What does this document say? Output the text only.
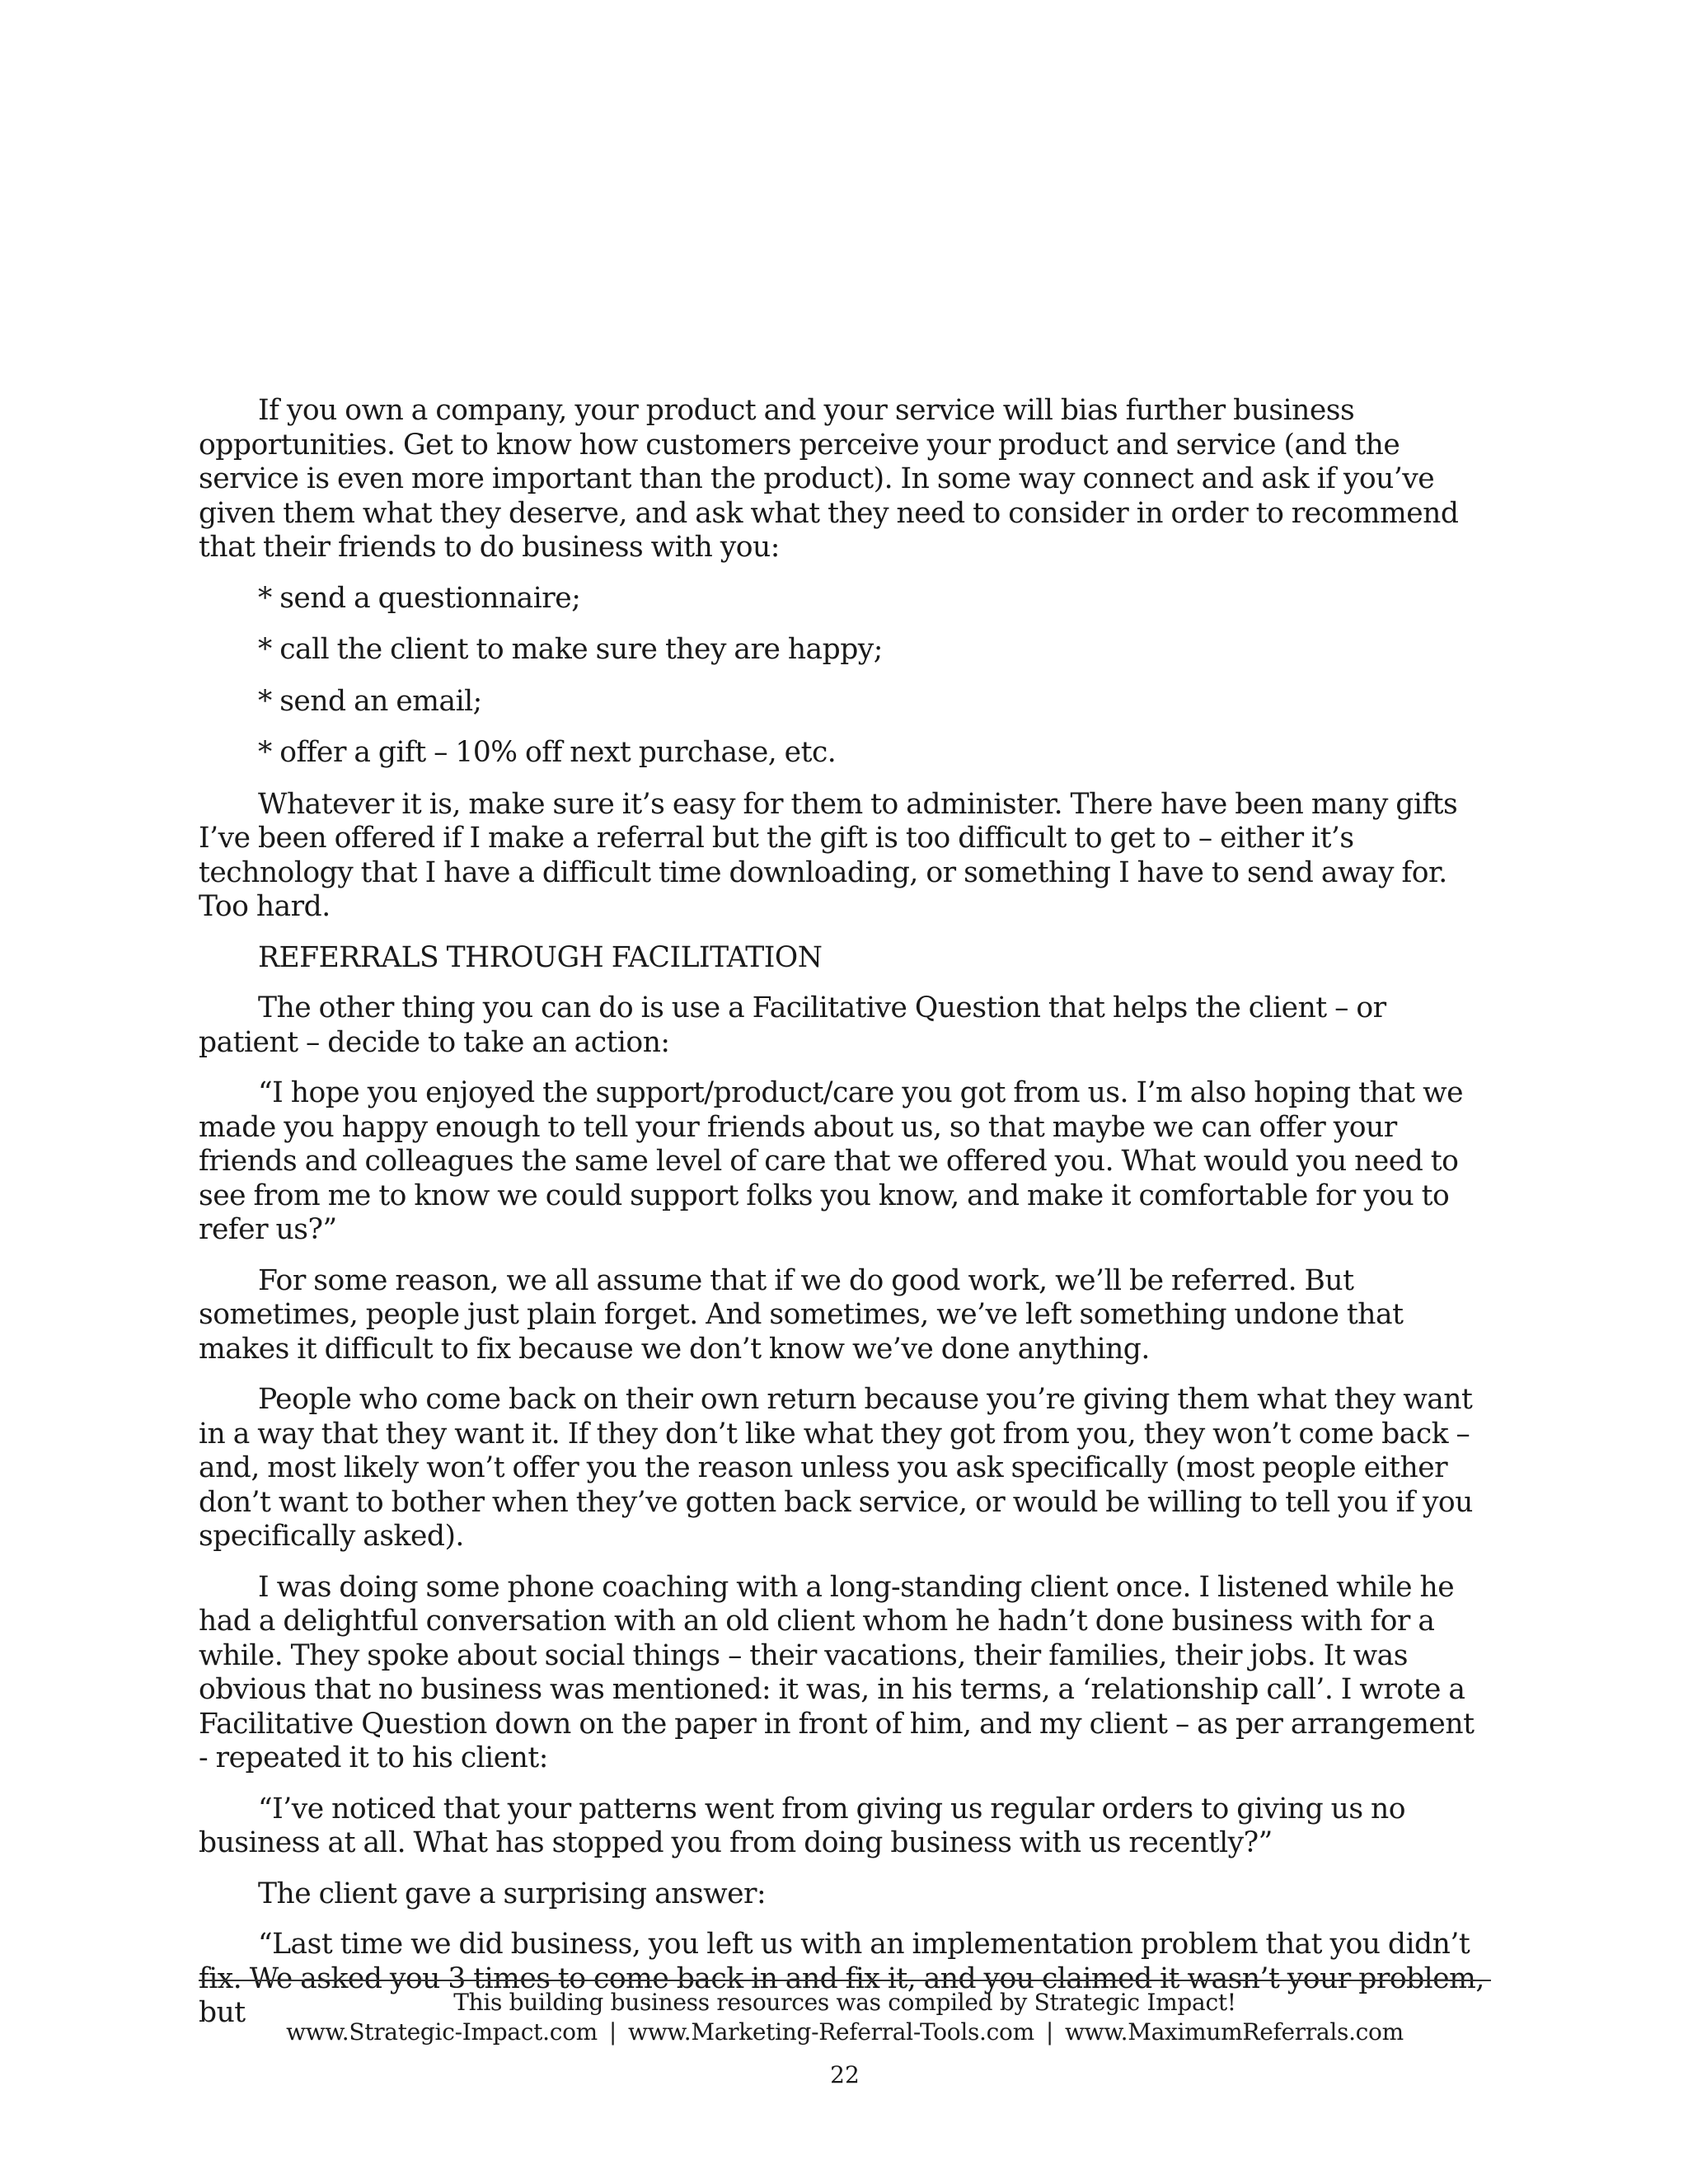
If you own a company, your product and your service will bias further business opportunities. Get to know how customers perceive your product and service (and the service is even more important than the product). In some way connect and ask if you’ve given them what they deserve, and ask what they need to consider in order to recommend that their friends to do business with you:

* send a questionnaire;

* call the client to make sure they are happy;

* send an email;

* offer a gift – 10% off next purchase, etc.

Whatever it is, make sure it’s easy for them to administer. There have been many gifts I’ve been offered if I make a referral but the gift is too difficult to get to – either it’s technology that I have a difficult time downloading, or something I have to send away for. Too hard.

REFERRALS THROUGH FACILITATION

The other thing you can do is use a Facilitative Question that helps the client – or patient – decide to take an action:

“I hope you enjoyed the support/product/care you got from us. I’m also hoping that we made you happy enough to tell your friends about us, so that maybe we can offer your friends and colleagues the same level of care that we offered you. What would you need to see from me to know we could support folks you know, and make it comfortable for you to refer us?”

For some reason, we all assume that if we do good work, we’ll be referred. But sometimes, people just plain forget. And sometimes, we’ve left something undone that makes it difficult to fix because we don’t know we’ve done anything.

People who come back on their own return because you’re giving them what they want in a way that they want it. If they don’t like what they got from you, they won’t come back – and, most likely won’t offer you the reason unless you ask specifically (most people either don’t want to bother when they’ve gotten back service, or would be willing to tell you if you specifically asked).

I was doing some phone coaching with a long-standing client once. I listened while he had a delightful conversation with an old client whom he hadn’t done business with for a while. They spoke about social things – their vacations, their families, their jobs. It was obvious that no business was mentioned: it was, in his terms, a ‘relationship call’. I wrote a Facilitative Question down on the paper in front of him, and my client – as per arrangement - repeated it to his client:

“I’ve noticed that your patterns went from giving us regular orders to giving us no business at all. What has stopped you from doing business with us recently?”

The client gave a surprising answer:

“Last time we did business, you left us with an implementation problem that you didn’t fix. We asked you 3 times to come back in and fix it, and you claimed it wasn’t your problem, but	This building business resources was compiled by Strategic Impact!
www.Strategic-Impact.com | www.Marketing-Referral-Tools.com | www.MaximumReferrals.com
22
